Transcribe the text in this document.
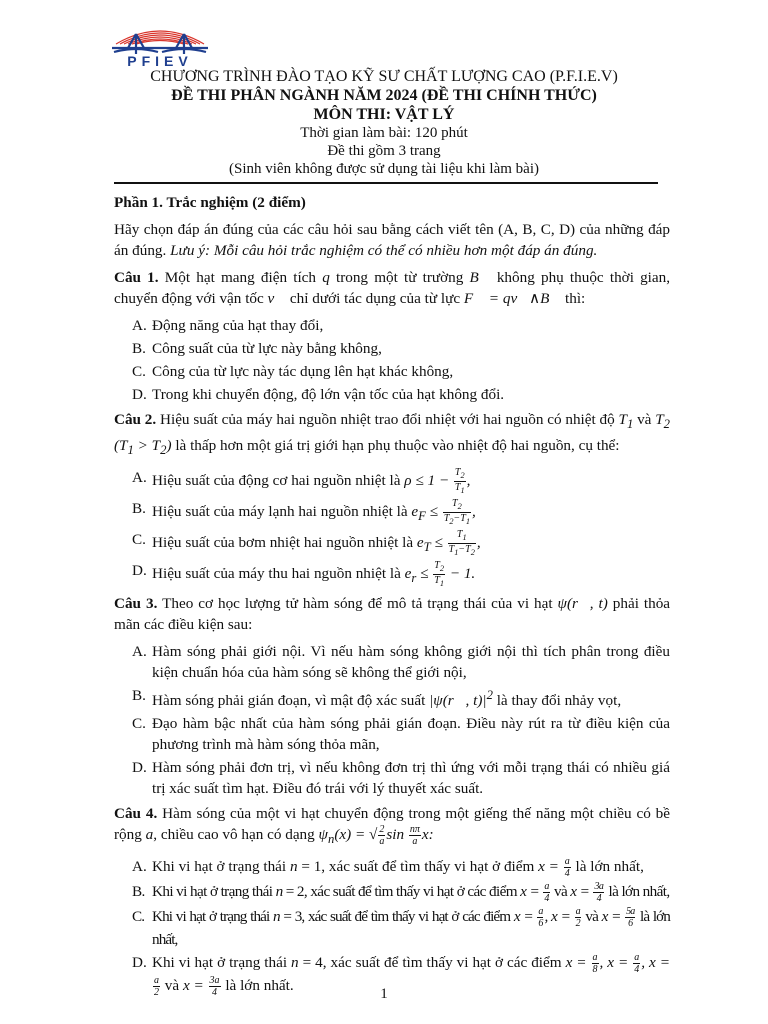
PFIEV
CHƯƠNG TRÌNH ĐÀO TẠO KỸ SƯ CHẤT LƯỢNG CAO (P.F.I.E.V)
ĐỀ THI PHÂN NGÀNH NĂM 2024 (ĐỀ THI CHÍNH THỨC)
MÔN THI: VẬT LÝ
Thời gian làm bài: 120 phút
Đề thi gồm 3 trang
(Sinh viên không được sử dụng tài liệu khi làm bài)

Phần 1. Trắc nghiệm (2 điểm)

Hãy chọn đáp án đúng của các câu hỏi sau bằng cách viết tên (A, B, C, D) của những đáp án đúng. Lưu ý: Mỗi câu hỏi trắc nghiệm có thể có nhiều hơn một đáp án đúng.

Câu 1. Một hạt mang điện tích q trong một từ trường B⃗ không phụ thuộc thời gian, chuyển động với vận tốc v⃗ chỉ dưới tác dụng của từ lực F⃗ = qv⃗∧B⃗ thì:

A. Động năng của hạt thay đổi,
B. Công suất của từ lực này bằng không,
C. Công của từ lực này tác dụng lên hạt khác không,
D. Trong khi chuyển động, độ lớn vận tốc của hạt không đổi.

Câu 2. Hiệu suất của máy hai nguồn nhiệt trao đổi nhiệt với hai nguồn có nhiệt độ $T_1$ và $T_2$ $(T_1 > T_2)$ là thấp hơn một giá trị giới hạn phụ thuộc vào nhiệt độ hai nguồn, cụ thể:

A. Hiệu suất của động cơ hai nguồn nhiệt là $\rho \le 1 - \frac{T_2}{T_1}$ ,
B. Hiệu suất của máy lạnh hai nguồn nhiệt là $e_F \le \frac{T_2}{T_2-T_1}$ ,
C. Hiệu suất của bơm nhiệt hai nguồn nhiệt là $e_T \le \frac{T_1}{T_1-T_2}$ ,
D. Hiệu suất của máy thu hai nguồn nhiệt là $e_r \le \frac{T_2}{T_1} - 1$.

Câu 3. Theo cơ học lượng tử hàm sóng để mô tả trạng thái của vi hạt ψ(r⃗, t) phải thỏa mãn các điều kiện sau:

A. Hàm sóng phải giới nội. Vì nếu hàm sóng không giới nội thì tích phân trong điều kiện chuẩn hóa của hàm sóng sẽ không thể giới nội,
B. Hàm sóng phải gián đoạn, vì mật độ xác suất |ψ(r⃗, $t)|^2$ là thay đổi nhảy vọt,
C. Đạo hàm bậc nhất của hàm sóng phải gián đoạn. Điều này rút ra từ điều kiện của phương trình mà hàm sóng thỏa mãn,
D. Hàm sóng phải đơn trị, vì nếu không đơn trị thì ứng với mỗi trạng thái có nhiều giá trị xác suất tìm hạt. Điều đó trái với lý thuyết xác suất.

Câu 4. Hàm sóng của một vi hạt chuyển động trong một giếng thế năng một chiều có bề rộng a, chiều cao vô hạn có dạng $\psi_n(x)$ = √ $\frac{2}{a}$ $\sin \frac{n\pi}{a} x$:

A. Khi vi hạt ở trạng thái n = 1, xác suất để tìm thấy vi hạt ở điểm $x = \frac{a}{4}$ là lớn nhất,
B. Khi vi hạt ở trạng thái n = 2, xác suất để tìm thấy vi hạt ở các điểm $x = \frac{a}{4}$ và $x = \frac{3a}{4}$ là lớn nhất,
C. Khi vi hạt ở trạng thái n = 3, xác suất để tìm thấy vi hạt ở các điểm $x = \frac{a}{6}$ , $x = \frac{a}{2}$ và $x = \frac{5a}{6}$ là lớn nhất,
D. Khi vi hạt ở trạng thái n = 4, xác suất để tìm thấy vi hạt ở các điểm $x = \frac{a}{8}$ , $x = \frac{a}{4}$ , x =
$\frac{a}{2}$ và $x = \frac{3a}{4}$ là lớn nhất.	1
